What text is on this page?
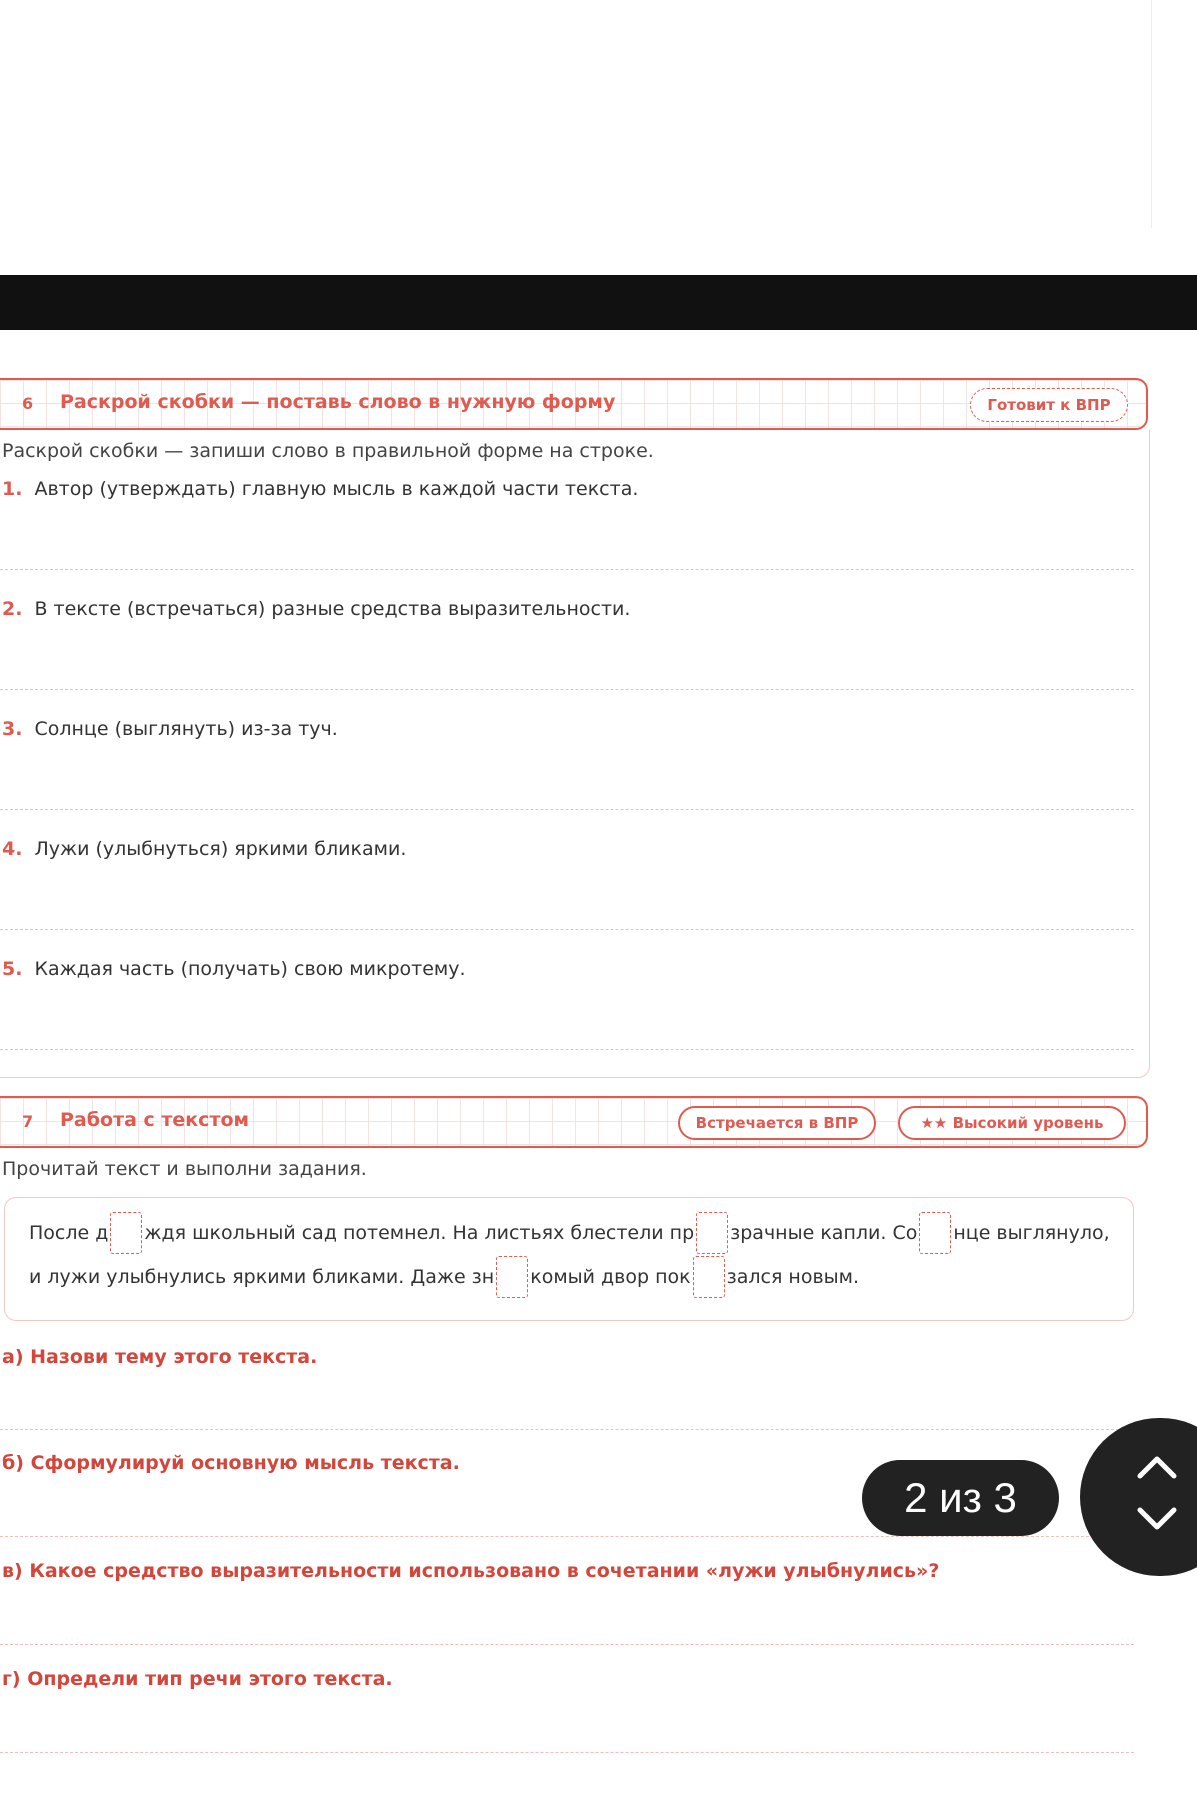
6 Раскрой скобки — поставь слово в нужную форму	Готовит к ВПР
Раскрой скобки — запиши слово в правильной форме на строке.
1. Автор (утверждать) главную мысль в каждой части текста.
2. В тексте (встречаться) разные средства выразительности.
3. Солнце (выглянуть) из-за туч.
4. Лужи (улыбнуться) яркими бликами.
5. Каждая часть (получать) свою микротему.
7 Работа с текстом	Встречается в ВПР	★★ Высокий уровень
Прочитай текст и выполни задания.
После д ждя школьный сад потемнел. На листьях блестели пр зрачные капли. Со нце выглянуло,
и лужи улыбнулись яркими бликами. Даже зн комый двор пок зался новым.
а) Назови тему этого текста.
б) Сформулируй основную мысль текста.
в) Какое средство выразительности использовано в сочетании «лужи улыбнулись»?
г) Определи тип речи этого текста.
2 из 3
